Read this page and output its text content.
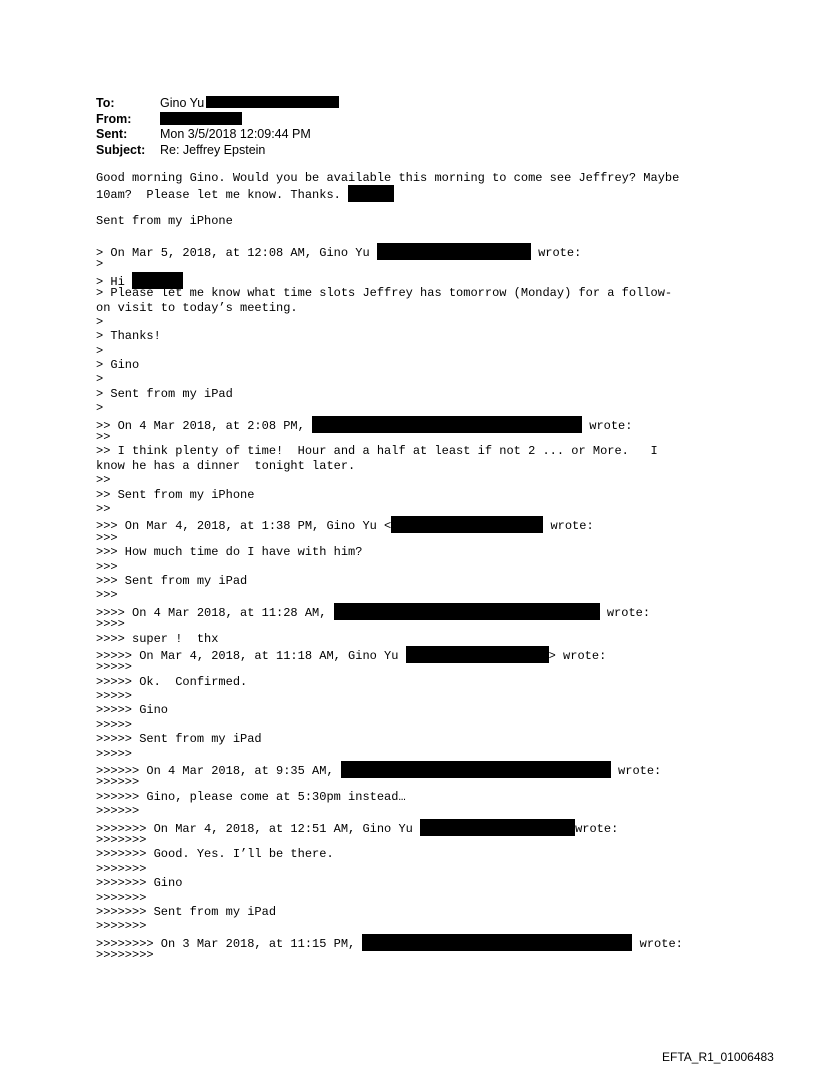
To:	Gino Yu
From:
Sent:	Mon 3/5/2018 12:09:44 PM
Subject:	Re: Jeffrey Epstein
Good morning Gino. Would you be available this morning to come see Jeffrey? Maybe
10am?  Please let me know. Thanks.
Sent from my iPhone
> On Mar 5, 2018, at 12:08 AM, Gino Yu	wrote:
>
> Hi
> Please let me know what time slots Jeffrey has tomorrow (Monday) for a follow-
on visit to today’s meeting.
>
> Thanks!
>
> Gino
>
> Sent from my iPad
>
>> On 4 Mar 2018, at 2:08 PM,	wrote:
>>
>> I think plenty of time!  Hour and a half at least if not 2 ... or More.   I
know he has a dinner  tonight later.
>>
>> Sent from my iPhone
>>
>>> On Mar 4, 2018, at 1:38 PM, Gino Yu <	wrote:
>>>
>>> How much time do I have with him?
>>>
>>> Sent from my iPad
>>>
>>>> On 4 Mar 2018, at 11:28 AM,	wrote:
>>>>
>>>> super !  thx
>>>>> On Mar 4, 2018, at 11:18 AM, Gino Yu	> wrote:
>>>>>
>>>>> Ok.  Confirmed.
>>>>>
>>>>> Gino
>>>>>
>>>>> Sent from my iPad
>>>>>
>>>>>> On 4 Mar 2018, at 9:35 AM,	wrote:
>>>>>>
>>>>>> Gino, please come at 5:30pm instead…
>>>>>>
>>>>>>> On Mar 4, 2018, at 12:51 AM, Gino Yu	wrote:
>>>>>>>
>>>>>>> Good. Yes. I’ll be there.
>>>>>>>
>>>>>>> Gino
>>>>>>>
>>>>>>> Sent from my iPad
>>>>>>>
>>>>>>>> On 3 Mar 2018, at 11:15 PM,	wrote:
>>>>>>>>
EFTA_R1_01006483
